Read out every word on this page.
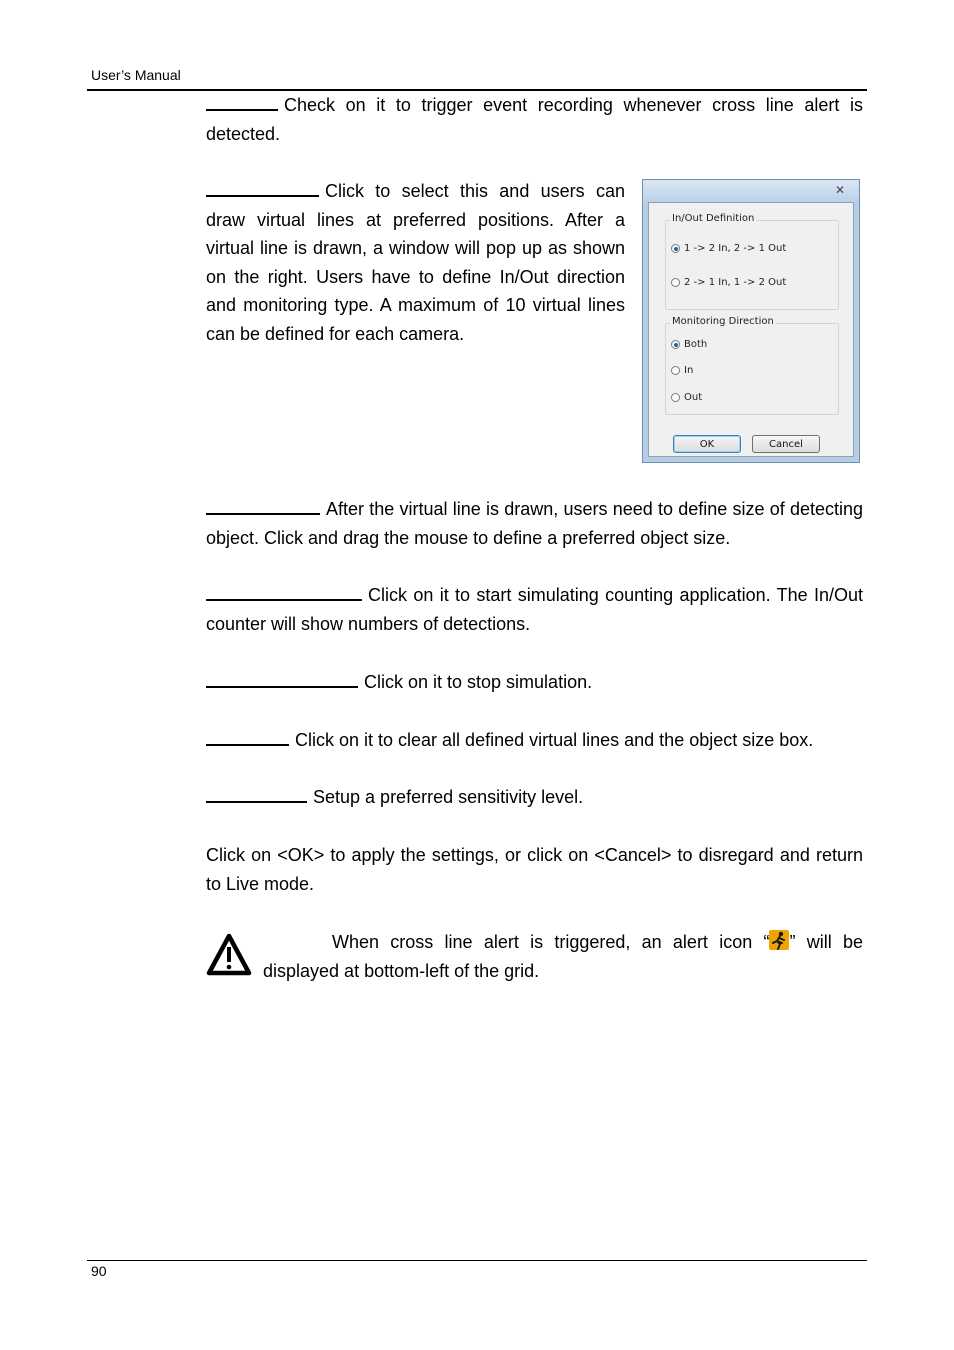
User’s Manual
Check on it to trigger event recording whenever cross line alert is detected.
Click to select this and users can draw virtual lines at preferred positions. After a virtual line is drawn, a window will pop up as shown on the right. Users have to define In/Out direction and monitoring type. A maximum of 10 virtual lines can be defined for each camera.
✕
In/Out Definition
1 -> 2 In, 2 -> 1 Out
2 -> 1 In, 1 -> 2 Out
Monitoring Direction
Both
In
Out
OK	Cancel
After the virtual line is drawn, users need to define size of detecting object. Click and drag the mouse to define a preferred object size.
Click on it to start simulating counting application. The In/Out counter will show numbers of detections.
Click on it to stop simulation.
Click on it to clear all defined virtual lines and the object size box.
Setup a preferred sensitivity level.
Click on <OK> to apply the settings, or click on <Cancel> to disregard and return to Live mode.
When cross line alert is triggered, an alert icon “ ” will be displayed at bottom-left of the grid.
90
